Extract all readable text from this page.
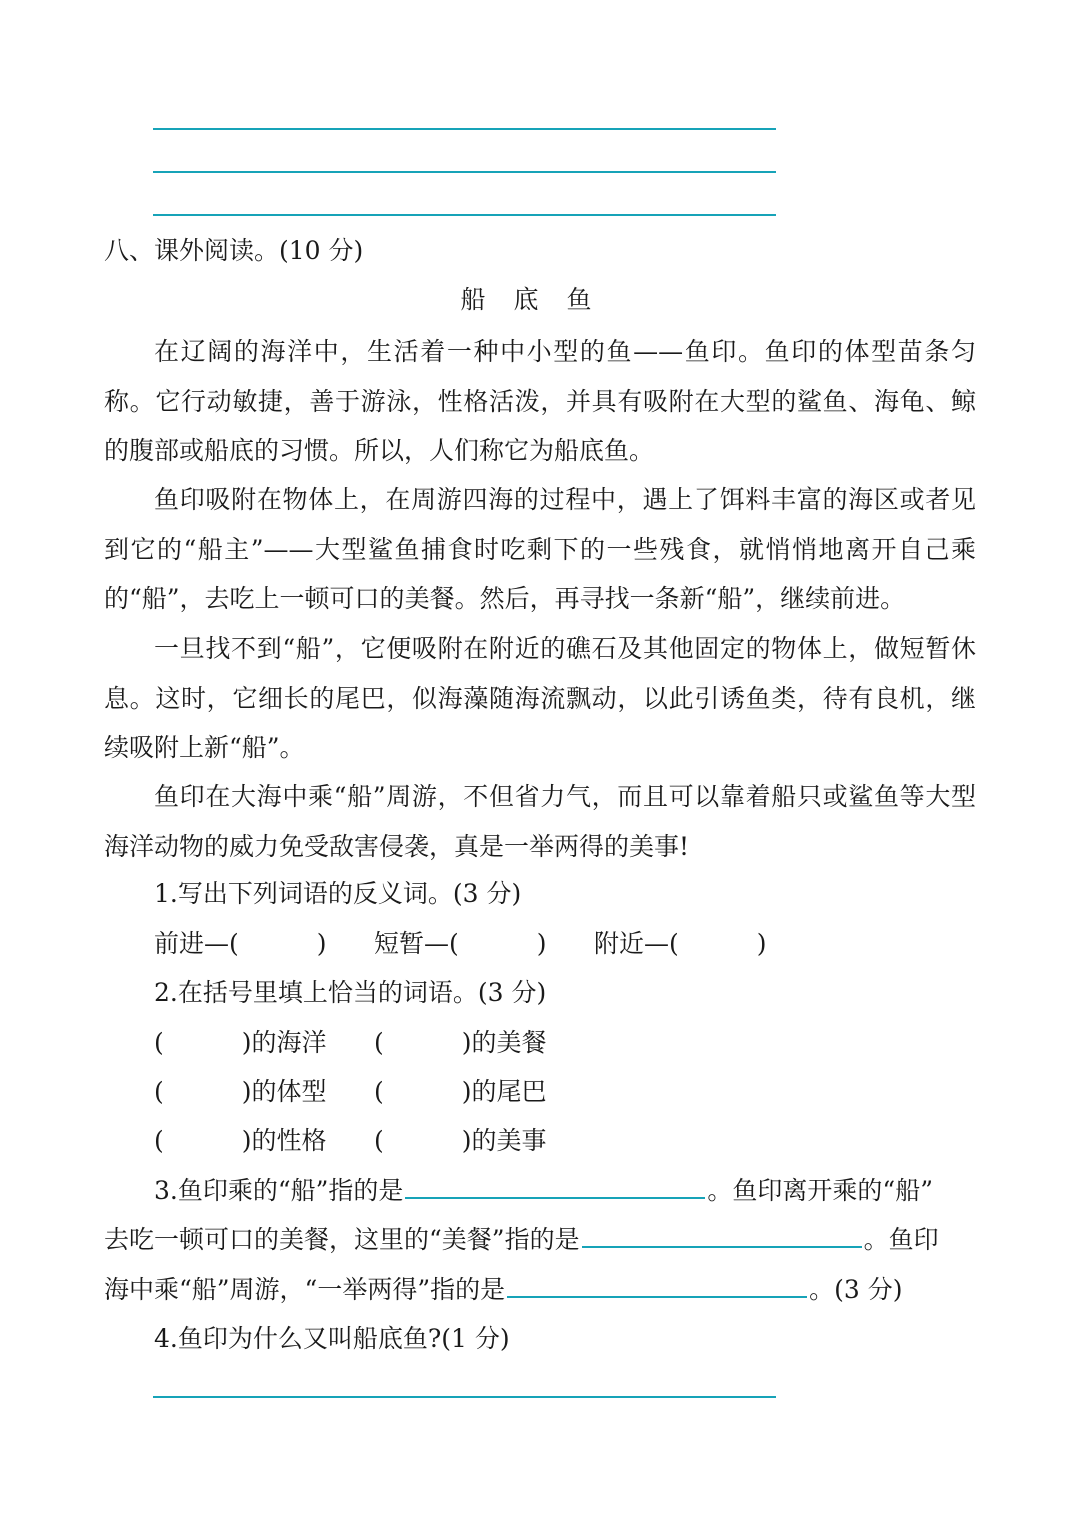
八、课外阅读。(10 分)
船底鱼
在辽阔的海洋中，生活着一种中小型的鱼——鱼印。鱼印的体型苗条匀称。它行动敏捷，善于游泳，性格活泼，并具有吸附在大型的鲨鱼、海龟、鲸的腹部或船底的习惯。所以，人们称它为船底鱼。
鱼印吸附在物体上，在周游四海的过程中，遇上了饵料丰富的海区或者见到它的“船主”——大型鲨鱼捕食时吃剩下的一些残食，就悄悄地离开自己乘的“船”，去吃上一顿可口的美餐。然后，再寻找一条新“船”，继续前进。
一旦找不到“船”，它便吸附在附近的礁石及其他固定的物体上，做短暂休息。这时，它细长的尾巴，似海藻随海流飘动，以此引诱鱼类，待有良机，继续吸附上新“船”。
鱼印在大海中乘“船”周游，不但省力气，而且可以靠着船只或鲨鱼等大型海洋动物的威力免受敌害侵袭，真是一举两得的美事!
1.写出下列词语的反义词。(3 分)
前进—(	) 短暂—(	) 附近—(	)
2.在括号里填上恰当的词语。(3 分)
(	)的海洋 (	)的美餐
(	)的体型 (	)的尾巴
(	)的性格 (	)的美事
3.鱼印乘的“船”指的是	。鱼印离开乘的“船”
去吃一顿可口的美餐，这里的“美餐”指的是	。鱼印
海中乘“船”周游，“一举两得”指的是	。(3 分)
4.鱼印为什么又叫船底鱼?(1 分)
